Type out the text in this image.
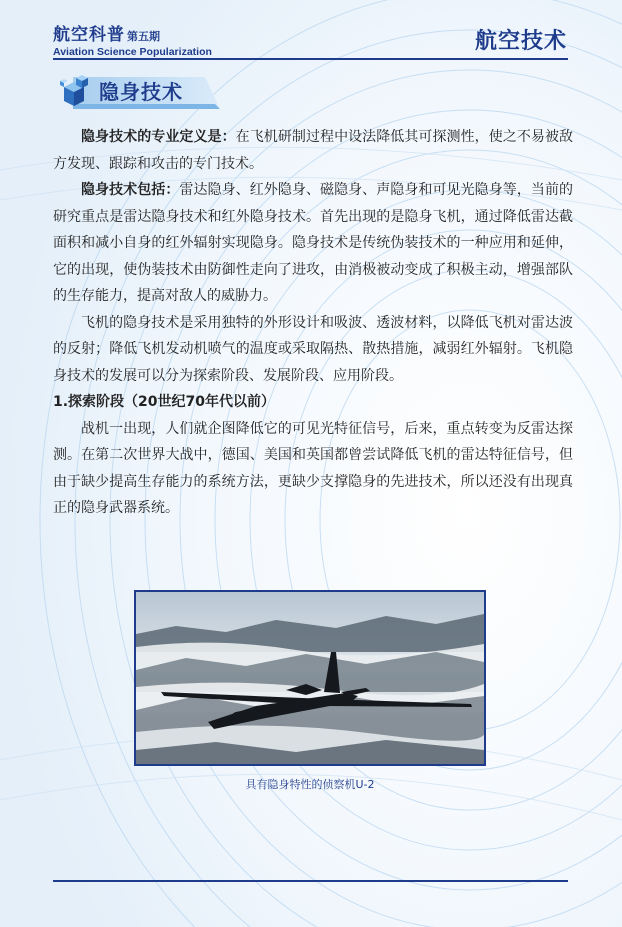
航空科普 第五期
Aviation Science Popularization	航空技术
隐身技术

隐身技术的专业定义是：在飞机研制过程中设法降低其可探测性，使之不易被敌方发现、跟踪和攻击的专门技术。

隐身技术包括：雷达隐身、红外隐身、磁隐身、声隐身和可见光隐身等，当前的研究重点是雷达隐身技术和红外隐身技术。首先出现的是隐身飞机，通过降低雷达截面积和减小自身的红外辐射实现隐身。隐身技术是传统伪装技术的一种应用和延伸，它的出现，使伪装技术由防御性走向了进攻，由消极被动变成了积极主动，增强部队的生存能力，提高对敌人的威胁力。

飞机的隐身技术是采用独特的外形设计和吸波、透波材料，以降低飞机对雷达波的反射；降低飞机发动机喷气的温度或采取隔热、散热措施，减弱红外辐射。飞机隐身技术的发展可以分为探索阶段、发展阶段、应用阶段。

1.探索阶段（20世纪70年代以前）

战机一出现，人们就企图降低它的可见光特征信号，后来，重点转变为反雷达探测。在第二次世界大战中，德国、美国和英国都曾尝试降低飞机的雷达特征信号，但由于缺少提高生存能力的系统方法，更缺少支撑隐身的先进技术，所以还没有出现真正的隐身武器系统。

具有隐身特性的侦察机U-2
